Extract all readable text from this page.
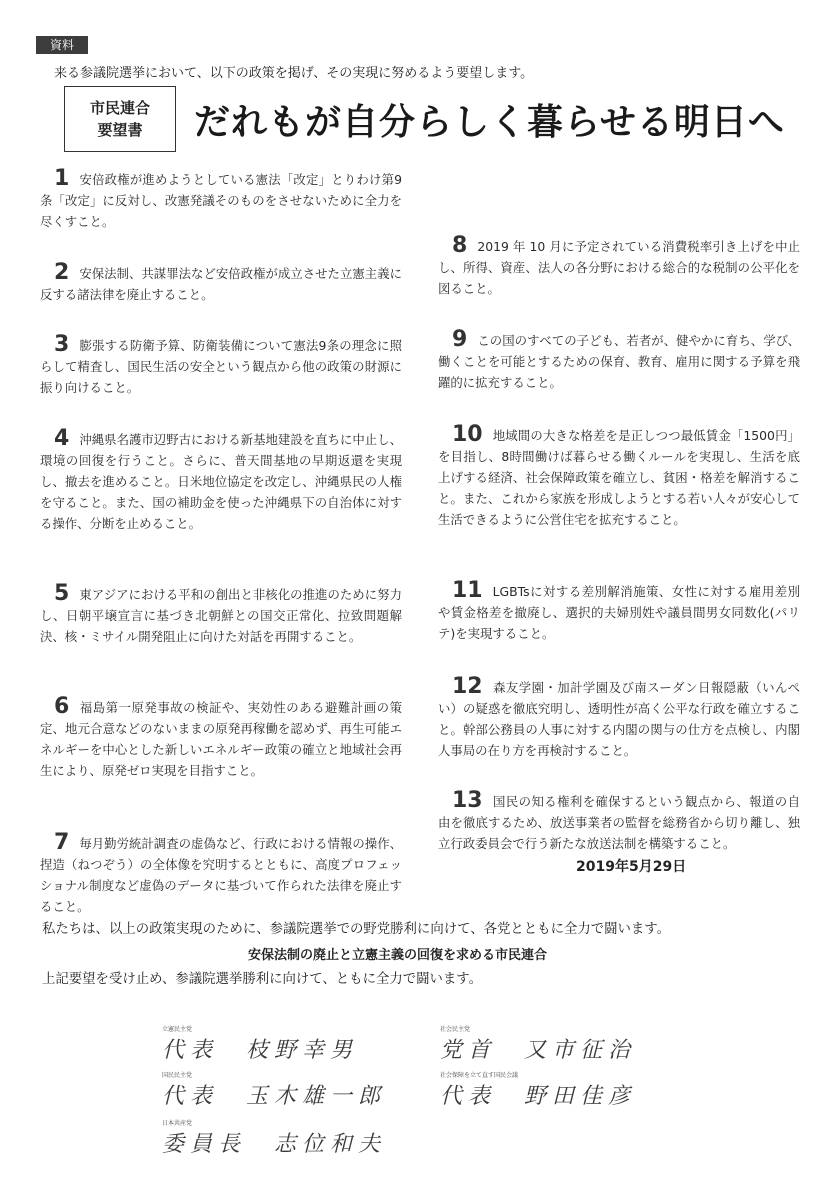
資料
来る参議院選挙において、以下の政策を掲げ、その実現に努めるよう要望します。
市民連合
要望書	だれもが自分らしく暮らせる明日へ
1 安倍政権が進めようとしている憲法「改定」とりわけ第9条「改定」に反対し、改憲発議そのものをさせないために全力を尽くすこと。
2 安保法制、共謀罪法など安倍政権が成立させた立憲主義に反する諸法律を廃止すること。
3 膨張する防衛予算、防衛装備について憲法9条の理念に照らして精査し、国民生活の安全という観点から他の政策の財源に振り向けること。
4 沖縄県名護市辺野古における新基地建設を直ちに中止し、環境の回復を行うこと。さらに、普天間基地の早期返還を実現し、撤去を進めること。日米地位協定を改定し、沖縄県民の人権を守ること。また、国の補助金を使った沖縄県下の自治体に対する操作、分断を止めること。
5 東アジアにおける平和の創出と非核化の推進のために努力し、日朝平壌宣言に基づき北朝鮮との国交正常化、拉致問題解決、核・ミサイル開発阻止に向けた対話を再開すること。
6 福島第一原発事故の検証や、実効性のある避難計画の策定、地元合意などのないままの原発再稼働を認めず、再生可能エネルギーを中心とした新しいエネルギー政策の確立と地域社会再生により、原発ゼロ実現を目指すこと。
7 毎月勤労統計調査の虚偽など、行政における情報の操作、捏造（ねつぞう）の全体像を究明するとともに、高度プロフェッショナル制度など虚偽のデータに基づいて作られた法律を廃止すること。
8 2019 年 10 月に予定されている消費税率引き上げを中止し、所得、資産、法人の各分野における総合的な税制の公平化を図ること。
9 この国のすべての子ども、若者が、健やかに育ち、学び、働くことを可能とするための保育、教育、雇用に関する予算を飛躍的に拡充すること。
10 地域間の大きな格差を是正しつつ最低賃金「1500円」を目指し、8時間働けば暮らせる働くルールを実現し、生活を底上げする経済、社会保障政策を確立し、貧困・格差を解消すること。また、これから家族を形成しようとする若い人々が安心して生活できるように公営住宅を拡充すること。
11 LGBTsに対する差別解消施策、女性に対する雇用差別や賃金格差を撤廃し、選択的夫婦別姓や議員間男女同数化(パリテ)を実現すること。
12 森友学園・加計学園及び南スーダン日報隠蔽（いんぺい）の疑惑を徹底究明し、透明性が高く公平な行政を確立すること。幹部公務員の人事に対する内閣の関与の仕方を点検し、内閣人事局の在り方を再検討すること。
13 国民の知る権利を確保するという観点から、報道の自由を徹底するため、放送事業者の監督を総務省から切り離し、独立行政委員会で行う新たな放送法制を構築すること。
2019年5月29日
私たちは、以上の政策実現のために、参議院選挙での野党勝利に向けて、各党とともに全力で闘います。
安保法制の廃止と立憲主義の回復を求める市民連合
上記要望を受け止め、参議院選挙勝利に向けて、ともに全力で闘います。
立憲民主党
代表　枝野幸男
国民民主党
代表　玉木雄一郎
日本共産党
委員長　志位和夫
社会民主党
党首　又市征治
社会保障を立て直す国民会議
代表　野田佳彦
